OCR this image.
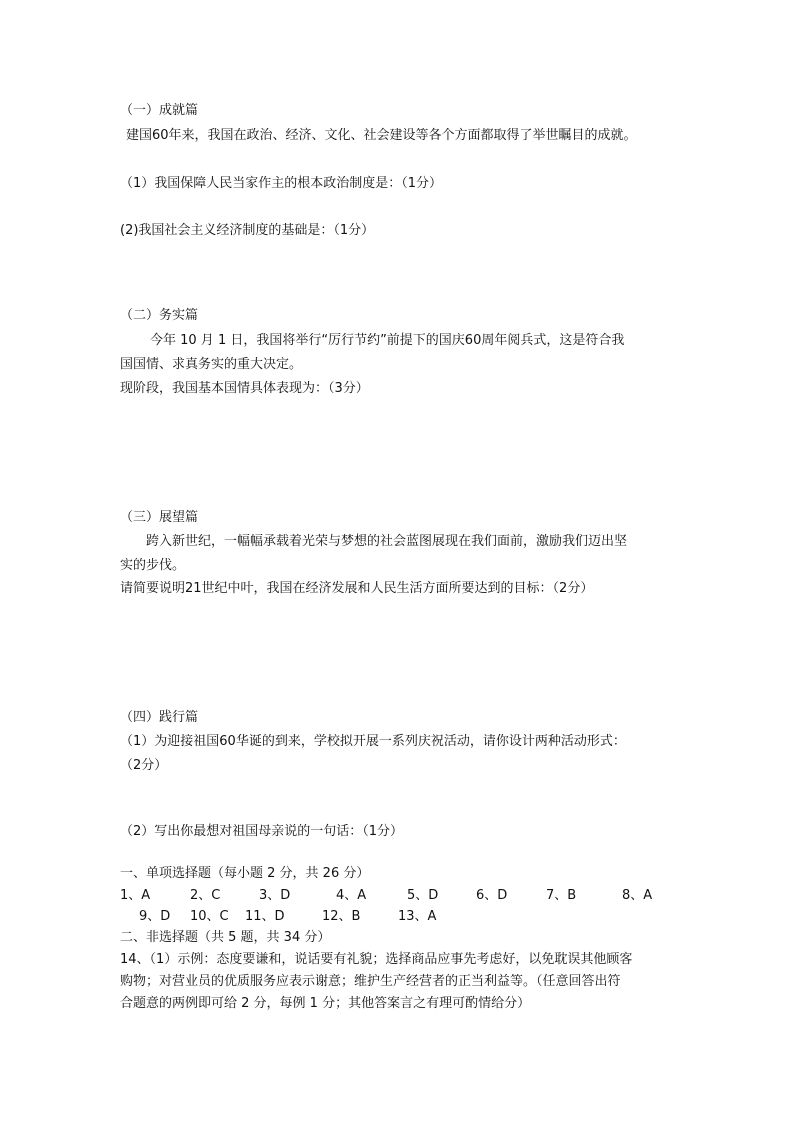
（一）成就篇
建国60年来，我国在政治、经济、文化、社会建设等各个方面都取得了举世瞩目的成就。
（1）我国保障人民当家作主的根本政治制度是：（1分）
(2)我国社会主义经济制度的基础是：（1分）
（二）务实篇
今年 10 月 1 日，我国将举行“厉行节约”前提下的国庆60周年阅兵式，这是符合我
国国情、求真务实的重大决定。
现阶段，我国基本国情具体表现为：（3分）
（三）展望篇
跨入新世纪，一幅幅承载着光荣与梦想的社会蓝图展现在我们面前，激励我们迈出坚
实的步伐。
请简要说明21世纪中叶，我国在经济发展和人民生活方面所要达到的目标：（2分）
（四）践行篇
（1）为迎接祖国60华诞的到来，学校拟开展一系列庆祝活动，请你设计两种活动形式：
（2分）
（2）写出你最想对祖国母亲说的一句话：（1分）
一、单项选择题（每小题 2 分，共 26 分）
1、A	2、C	3、D	4、A	5、D	6、D	7、B	8、A
9、D 10、C 11、D	12、B	13、A
二、非选择题（共 5 题，共 34 分）
14、（1）示例：态度要谦和，说话要有礼貌；选择商品应事先考虑好，以免耽误其他顾客
购物；对营业员的优质服务应表示谢意；维护生产经营者的正当利益等。（任意回答出符
合题意的两例即可给 2 分，每例 1 分；其他答案言之有理可酌情给分）
